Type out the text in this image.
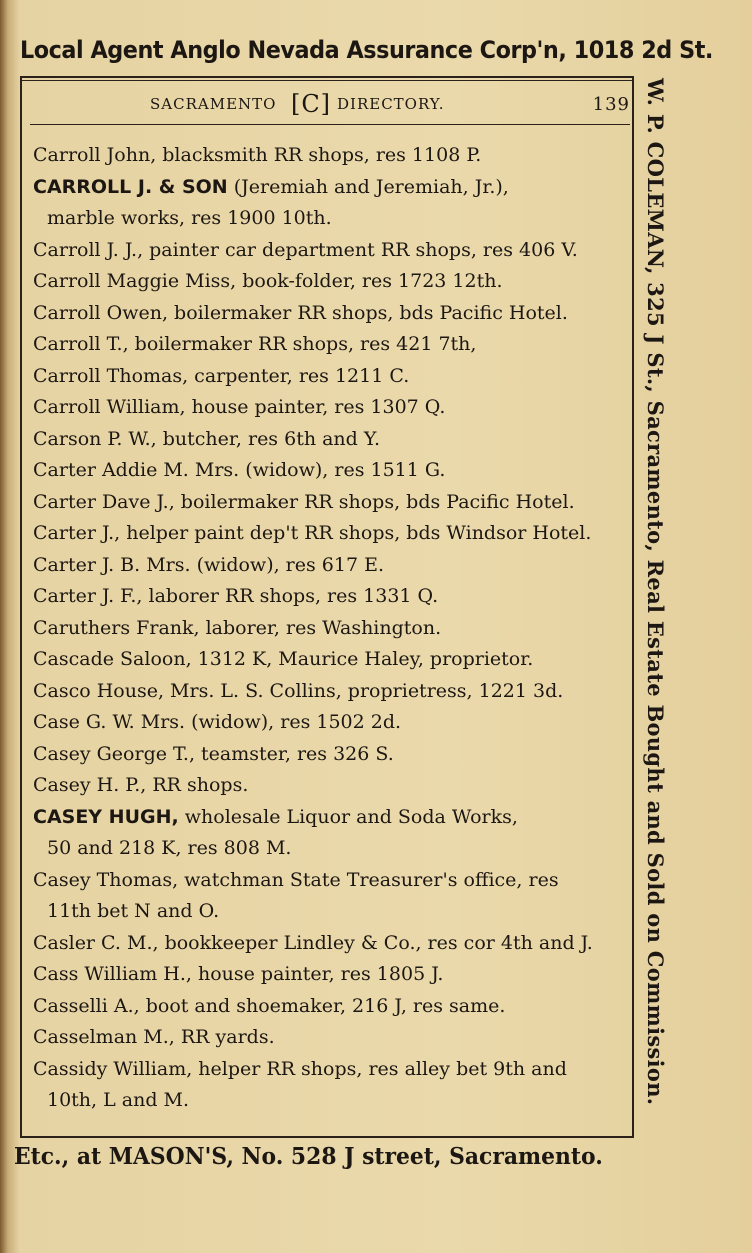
Local Agent Anglo Nevada Assurance Corp'n, 1018 2d St.
SACRAMENTO [C] DIRECTORY.	139
Carroll John, blacksmith RR shops, res 1108 P.
CARROLL J. & SON (Jeremiah and Jeremiah, Jr.),
marble works, res 1900 10th.
Carroll J. J., painter car department RR shops, res 406 V.
Carroll Maggie Miss, book-folder, res 1723 12th.
Carroll Owen, boilermaker RR shops, bds Pacific Hotel.
Carroll T., boilermaker RR shops, res 421 7th,
Carroll Thomas, carpenter, res 1211 C.
Carroll William, house painter, res 1307 Q.
Carson P. W., butcher, res 6th and Y.
Carter Addie M. Mrs. (widow), res 1511 G.
Carter Dave J., boilermaker RR shops, bds Pacific Hotel.
Carter J., helper paint dep't RR shops, bds Windsor Hotel.
Carter J. B. Mrs. (widow), res 617 E.
Carter J. F., laborer RR shops, res 1331 Q.
Caruthers Frank, laborer, res Washington.
Cascade Saloon, 1312 K, Maurice Haley, proprietor.
Casco House, Mrs. L. S. Collins, proprietress, 1221 3d.
Case G. W. Mrs. (widow), res 1502 2d.
Casey George T., teamster, res 326 S.
Casey H. P., RR shops.
CASEY HUGH, wholesale Liquor and Soda Works,
50 and 218 K, res 808 M.
Casey Thomas, watchman State Treasurer's office, res
11th bet N and O.
Casler C. M., bookkeeper Lindley & Co., res cor 4th and J.
Cass William H., house painter, res 1805 J.
Casselli A., boot and shoemaker, 216 J, res same.
Casselman M., RR yards.
Cassidy William, helper RR shops, res alley bet 9th and
10th, L and M.	W. P. COLEMAN, 325 J St., Sacramento, Real Estate Bought and Sold on Commission.
Etc., at MASON'S, No. 528 J street, Sacramento.
